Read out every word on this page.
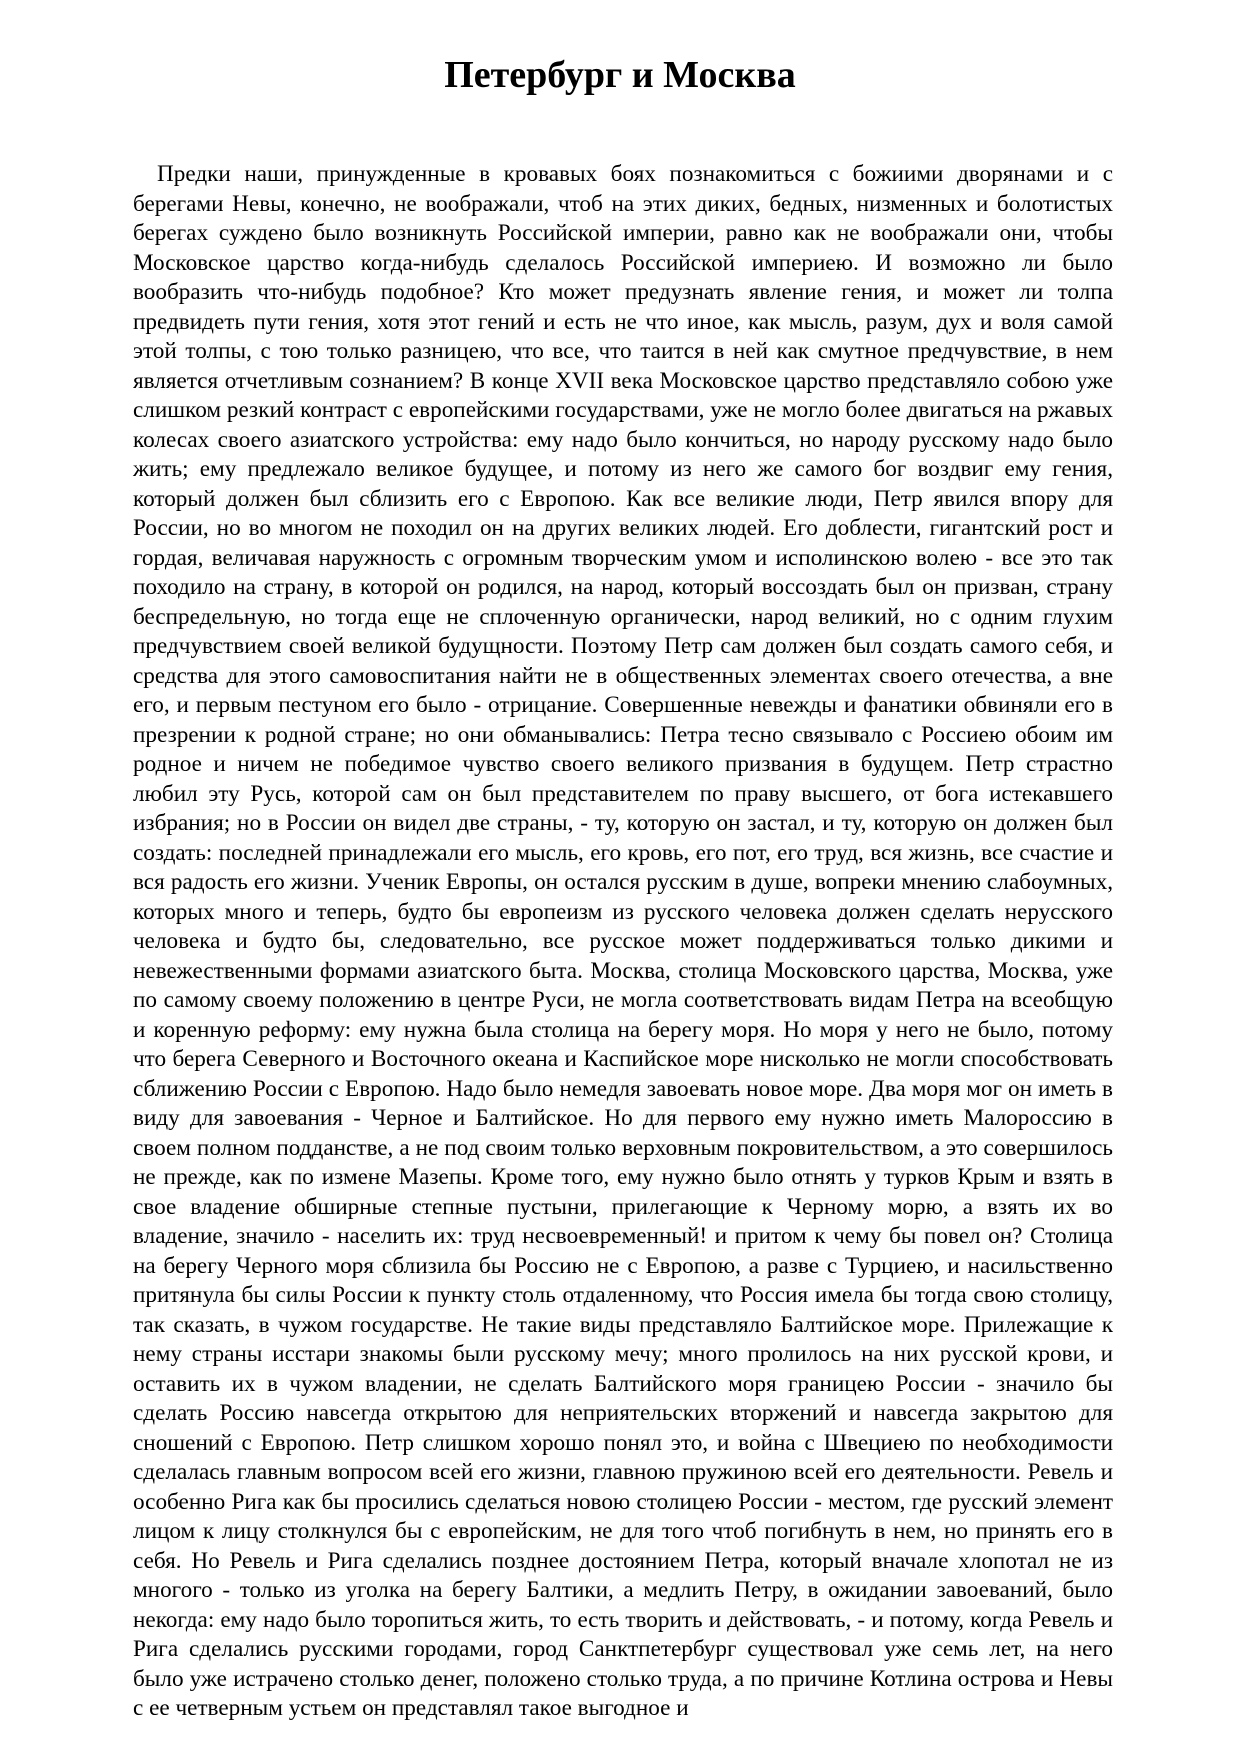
Петербург и Москва

Предки наши, принужденные в кровавых боях познакомиться с божиими дворянами и с берегами Невы, конечно, не воображали, чтоб на этих диких, бедных, низменных и болотистых берегах суждено было возникнуть Российской империи, равно как не воображали они, чтобы Московское царство когда-нибудь сделалось Российской империею. И возможно ли было вообразить что-нибудь подобное? Кто может предузнать явление гения, и может ли толпа предвидеть пути гения, хотя этот гений и есть не что иное, как мысль, разум, дух и воля самой этой толпы, с тою только разницею, что все, что таится в ней как смутное предчувствие, в нем является отчетливым сознанием? В конце XVII века Московское царство представляло собою уже слишком резкий контраст с европейскими государствами, уже не могло более двигаться на ржавых колесах своего азиатского устройства: ему надо было кончиться, но народу русскому надо было жить; ему предлежало великое будущее, и потому из него же самого бог воздвиг ему гения, который должен был сблизить его с Европою. Как все великие люди, Петр явился впору для России, но во многом не походил он на других великих людей. Его доблести, гигантский рост и гордая, величавая наружность с огромным творческим умом и исполинскою волею - все это так походило на страну, в которой он родился, на народ, который воссоздать был он призван, страну беспредельную, но тогда еще не сплоченную органически, народ великий, но с одним глухим предчувствием своей великой будущности. Поэтому Петр сам должен был создать самого себя, и средства для этого самовоспитания найти не в общественных элементах своего отечества, а вне его, и первым пестуном его было - отрицание. Совершенные невежды и фанатики обвиняли его в презрении к родной стране; но они обманывались: Петра тесно связывало с Россиею обоим им родное и ничем не победимое чувство своего великого призвания в будущем. Петр страстно любил эту Русь, которой сам он был представителем по праву высшего, от бога истекавшего избрания; но в России он видел две страны, - ту, которую он застал, и ту, которую он должен был создать: последней принадлежали его мысль, его кровь, его пот, его труд, вся жизнь, все счастие и вся радость его жизни. Ученик Европы, он остался русским в душе, вопреки мнению слабоумных, которых много и теперь, будто бы европеизм из русского человека должен сделать нерусского человека и будто бы, следовательно, все русское может поддерживаться только дикими и невежественными формами азиатского быта. Москва, столица Московского царства, Москва, уже по самому своему положению в центре Руси, не могла соответствовать видам Петра на всеобщую и коренную реформу: ему нужна была столица на берегу моря. Но моря у него не было, потому что берега Северного и Восточного океана и Каспийское море нисколько не могли способствовать сближению России с Европою. Надо было немедля завоевать новое море. Два моря мог он иметь в виду для завоевания - Черное и Балтийское. Но для первого ему нужно иметь Малороссию в своем полном подданстве, а не под своим только верховным покровительством, а это совершилось не прежде, как по измене Мазепы. Кроме того, ему нужно было отнять у турков Крым и взять в свое владение обширные степные пустыни, прилегающие к Черному морю, а взять их во владение, значило - населить их: труд несвоевременный! и притом к чему бы повел он? Столица на берегу Черного моря сблизила бы Россию не с Европою, а разве с Турциею, и насильственно притянула бы силы России к пункту столь отдаленному, что Россия имела бы тогда свою столицу, так сказать, в чужом государстве. Не такие виды представляло Балтийское море. Прилежащие к нему страны исстари знакомы были русскому мечу; много пролилось на них русской крови, и оставить их в чужом владении, не сделать Балтийского моря границею России - значило бы сделать Россию навсегда открытою для неприятельских вторжений и навсегда закрытою для сношений с Европою. Петр слишком хорошо понял это, и война с Швециею по необходимости сделалась главным вопросом всей его жизни, главною пружиною всей его деятельности. Ревель и особенно Рига как бы просились сделаться новою столицею России - местом, где русский элемент лицом к лицу столкнулся бы с европейским, не для того чтоб погибнуть в нем, но принять его в себя. Но Ревель и Рига сделались позднее достоянием Петра, который вначале хлопотал не из многого - только из уголка на берегу Балтики, а медлить Петру, в ожидании завоеваний, было некогда: ему надо было торопиться жить, то есть творить и действовать, - и потому, когда Ревель и Рига сделались русскими городами, город Санктпетербург существовал уже семь лет, на него было уже истрачено столько денег, положено столько труда, а по причине Котлина острова и Невы с ее четверным устьем он представлял такое выгодное и
